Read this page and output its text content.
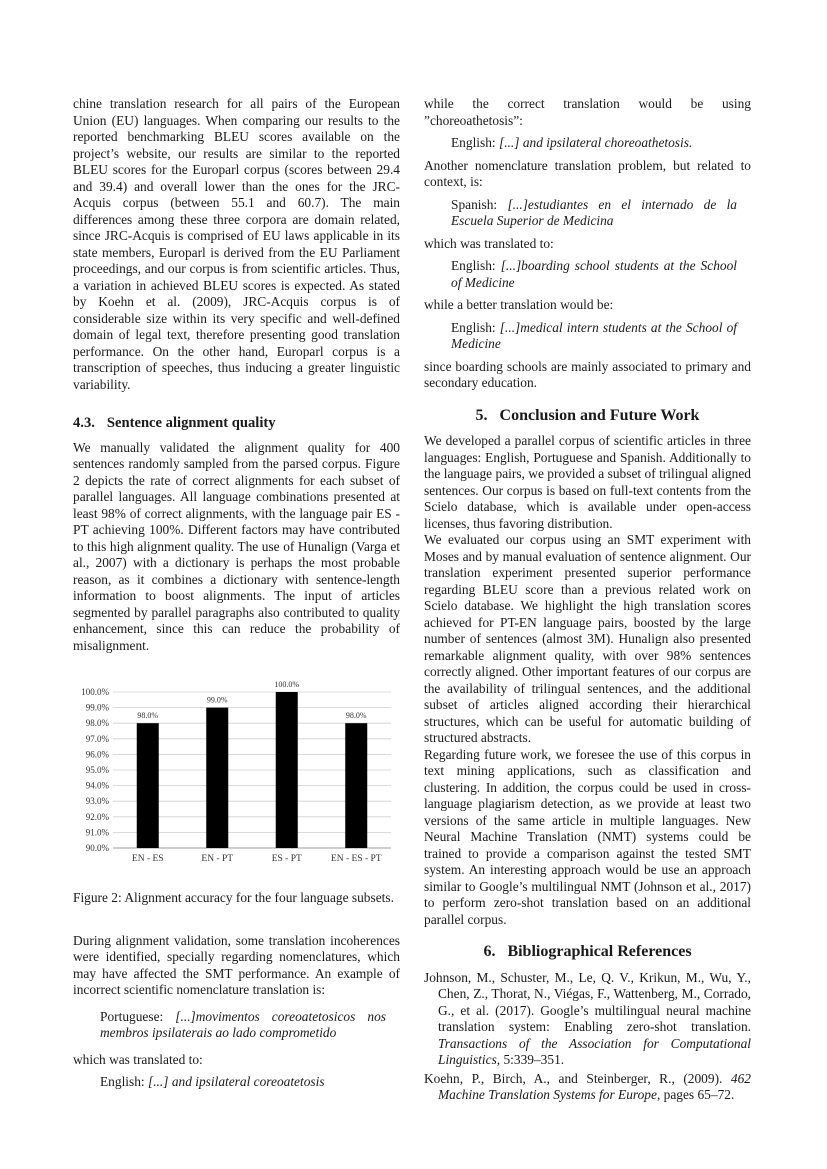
chine translation research for all pairs of the European Union (EU) languages. When comparing our results to the reported benchmarking BLEU scores available on the project’s website, our results are similar to the reported BLEU scores for the Europarl corpus (scores between 29.4 and 39.4) and overall lower than the ones for the JRC-Acquis corpus (between 55.1 and 60.7). The main differences among these three corpora are domain related, since JRC-Acquis is comprised of EU laws applicable in its state members, Europarl is derived from the EU Parliament proceedings, and our corpus is from scientific articles. Thus, a variation in achieved BLEU scores is expected. As stated by Koehn et al. (2009), JRC-Acquis corpus is of considerable size within its very specific and well-defined domain of legal text, therefore presenting good translation performance. On the other hand, Europarl corpus is a transcription of speeches, thus inducing a greater linguistic variability.

4.3. Sentence alignment quality

We manually validated the alignment quality for 400 sentences randomly sampled from the parsed corpus. Figure 2 depicts the rate of correct alignments for each subset of parallel languages. All language combinations presented at least 98% of correct alignments, with the language pair ES - PT achieving 100%. Different factors may have contributed to this high alignment quality. The use of Hunalign (Varga et al., 2007) with a dictionary is perhaps the most probable reason, as it combines a dictionary with sentence-length information to boost alignments. The input of articles segmented by parallel paragraphs also contributed to quality enhancement, since this can reduce the probability of misalignment.

90.0%
91.0%
92.0%
93.0%
94.0%
95.0%
96.0%
97.0%
98.0%
99.0%
100.0%
98.0%
EN - ES
99.0%
EN - PT
100.0%
ES - PT
98.0%
EN - ES - PT

Figure 2: Alignment accuracy for the four language subsets.

During alignment validation, some translation incoherences were identified, specially regarding nomenclatures, which may have affected the SMT performance. An example of incorrect scientific nomenclature translation is:

Portuguese: [...]movimentos coreoatetosicos nos membros ipsilaterais ao lado comprometido

which was translated to:

English: [...] and ipsilateral coreoatetosis

while the correct translation would be using ”choreoathetosis”:

English: [...] and ipsilateral choreoathetosis.

Another nomenclature translation problem, but related to context, is:

Spanish: [...]estudiantes en el internado de la Escuela Superior de Medicina

which was translated to:

English: [...]boarding school students at the School of Medicine

while a better translation would be:

English: [...]medical intern students at the School of Medicine

since boarding schools are mainly associated to primary and secondary education.

5. Conclusion and Future Work

We developed a parallel corpus of scientific articles in three languages: English, Portuguese and Spanish. Additionally to the language pairs, we provided a subset of trilingual aligned sentences. Our corpus is based on full-text contents from the Scielo database, which is available under open-access licenses, thus favoring distribution.

We evaluated our corpus using an SMT experiment with Moses and by manual evaluation of sentence alignment. Our translation experiment presented superior performance regarding BLEU score than a previous related work on Scielo database. We highlight the high translation scores achieved for PT-EN language pairs, boosted by the large number of sentences (almost 3M). Hunalign also presented remarkable alignment quality, with over 98% sentences correctly aligned. Other important features of our corpus are the availability of trilingual sentences, and the additional subset of articles aligned according their hierarchical structures, which can be useful for automatic building of structured abstracts.

Regarding future work, we foresee the use of this corpus in text mining applications, such as classification and clustering. In addition, the corpus could be used in cross-language plagiarism detection, as we provide at least two versions of the same article in multiple languages. New Neural Machine Translation (NMT) systems could be trained to provide a comparison against the tested SMT system. An interesting approach would be use an approach similar to Google’s multilingual NMT (Johnson et al., 2017) to perform zero-shot translation based on an additional parallel corpus.

6. Bibliographical References

Johnson, M., Schuster, M., Le, Q. V., Krikun, M., Wu, Y., Chen, Z., Thorat, N., Viégas, F., Wattenberg, M., Corrado, G., et al. (2017). Google’s multilingual neural machine translation system: Enabling zero-shot translation. Transactions of the Association for Computational Linguistics, 5:339–351.

Koehn, P., Birch, A., and Steinberger, R., (2009). 462 Machine Translation Systems for Europe, pages 65–72.
